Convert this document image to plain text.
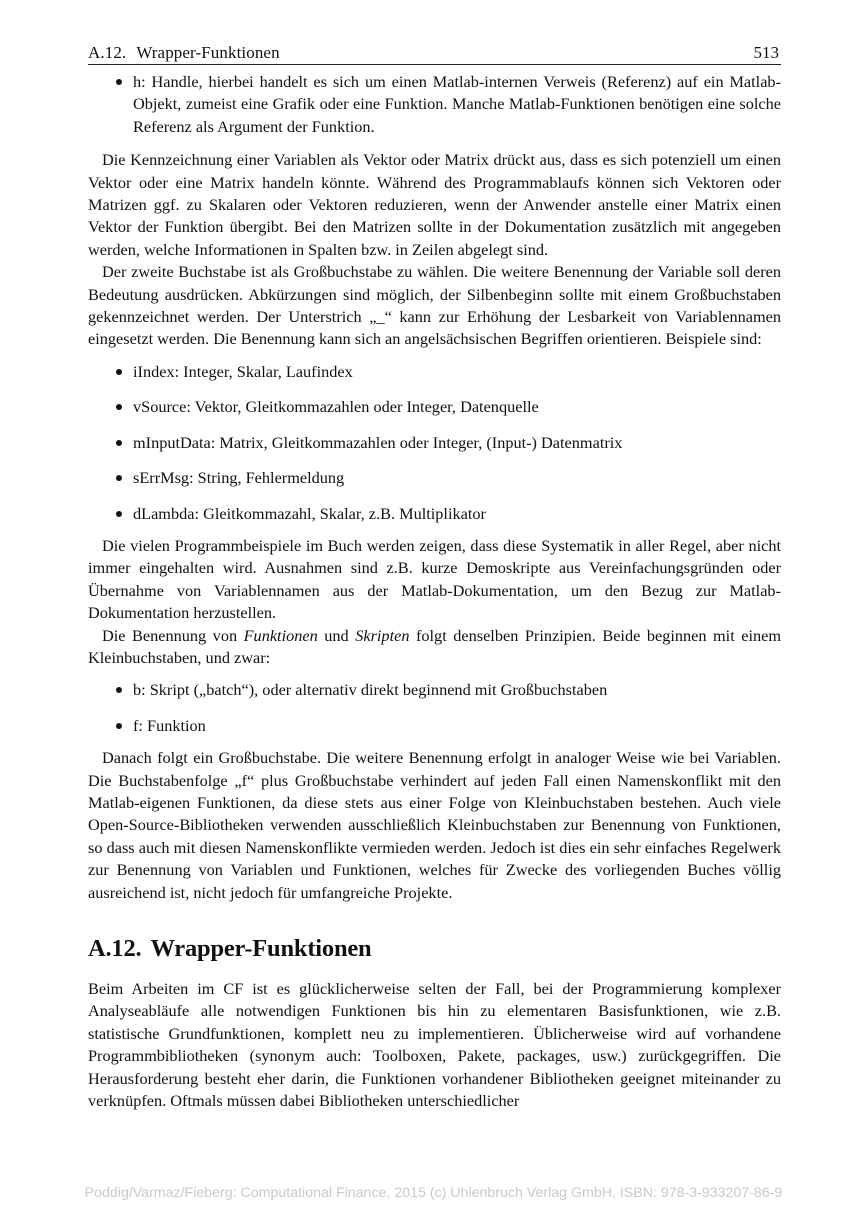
A.12. Wrapper-Funktionen	513
h: Handle, hierbei handelt es sich um einen Matlab-internen Verweis (Referenz) auf ein Matlab-Objekt, zumeist eine Grafik oder eine Funktion. Manche Matlab-Funktionen benötigen eine solche Referenz als Argument der Funktion.

Die Kennzeichnung einer Variablen als Vektor oder Matrix drückt aus, dass es sich potenziell um einen Vektor oder eine Matrix handeln könnte. Während des Programmablaufs können sich Vektoren oder Matrizen ggf. zu Skalaren oder Vektoren reduzieren, wenn der Anwender anstelle einer Matrix einen Vektor der Funktion übergibt. Bei den Matrizen sollte in der Dokumentation zusätzlich mit angegeben werden, welche Informationen in Spalten bzw. in Zeilen abgelegt sind.

Der zweite Buchstabe ist als Großbuchstabe zu wählen. Die weitere Benennung der Variable soll deren Bedeutung ausdrücken. Abkürzungen sind möglich, der Silbenbeginn sollte mit einem Großbuchstaben gekennzeichnet werden. Der Unterstrich „_“ kann zur Erhöhung der Lesbarkeit von Variablennamen eingesetzt werden. Die Benennung kann sich an angelsächsischen Begriffen orientieren. Beispiele sind:

iIndex: Integer, Skalar, Laufindex
vSource: Vektor, Gleitkommazahlen oder Integer, Datenquelle
mInputData: Matrix, Gleitkommazahlen oder Integer, (Input-) Datenmatrix
sErrMsg: String, Fehlermeldung
dLambda: Gleitkommazahl, Skalar, z.B. Multiplikator

Die vielen Programmbeispiele im Buch werden zeigen, dass diese Systematik in aller Regel, aber nicht immer eingehalten wird. Ausnahmen sind z.B. kurze Demoskripte aus Vereinfachungsgründen oder Übernahme von Variablennamen aus der Matlab-Dokumentation, um den Bezug zur Matlab-Dokumentation herzustellen.

Die Benennung von Funktionen und Skripten folgt denselben Prinzipien. Beide beginnen mit einem Kleinbuchstaben, und zwar:

b: Skript („batch“), oder alternativ direkt beginnend mit Großbuchstaben
f: Funktion

Danach folgt ein Großbuchstabe. Die weitere Benennung erfolgt in analoger Weise wie bei Variablen. Die Buchstabenfolge „f“ plus Großbuchstabe verhindert auf jeden Fall einen Namenskonflikt mit den Matlab-eigenen Funktionen, da diese stets aus einer Folge von Kleinbuchstaben bestehen. Auch viele Open-Source-Bibliotheken verwenden ausschließlich Kleinbuchstaben zur Benennung von Funktionen, so dass auch mit diesen Namenskonflikte vermieden werden. Jedoch ist dies ein sehr einfaches Regelwerk zur Benennung von Variablen und Funktionen, welches für Zwecke des vorliegenden Buches völlig ausreichend ist, nicht jedoch für umfangreiche Projekte.

A.12. Wrapper-Funktionen

Beim Arbeiten im CF ist es glücklicherweise selten der Fall, bei der Programmierung komplexer Analyseabläufe alle notwendigen Funktionen bis hin zu elementaren Basisfunktionen, wie z.B. statistische Grundfunktionen, komplett neu zu implementieren. Üblicherweise wird auf vorhandene Programmbibliotheken (synonym auch: Toolboxen, Pakete, packages, usw.) zurückgegriffen. Die Herausforderung besteht eher darin, die Funktionen vorhandener Bibliotheken geeignet miteinander zu verknüpfen. Oftmals müssen dabei Bibliotheken unterschiedlicher

Poddig/Varmaz/Fieberg: Computational Finance, 2015 (c) Uhlenbruch Verlag GmbH, ISBN: 978-3-933207-86-9
